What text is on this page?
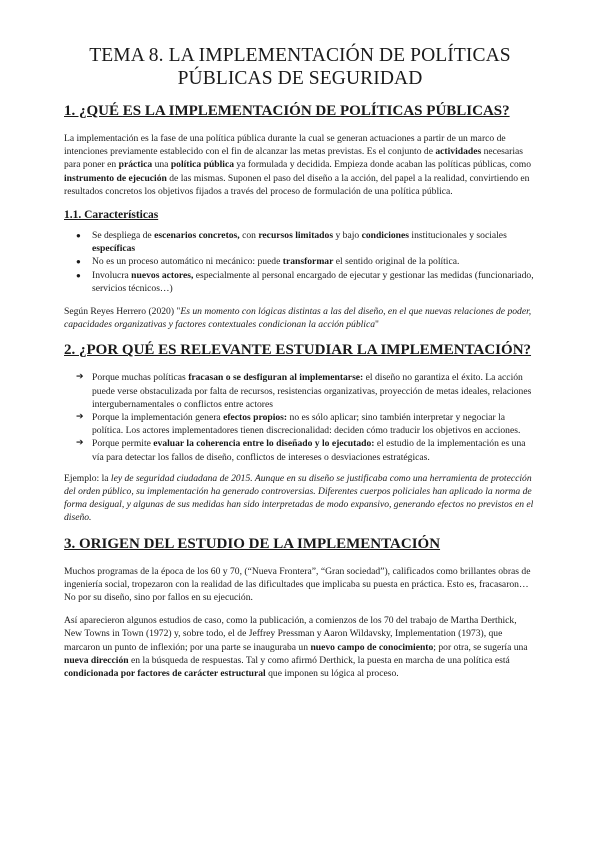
TEMA 8. LA IMPLEMENTACIÓN DE POLÍTICAS
PÚBLICAS DE SEGURIDAD
1. ¿QUÉ ES LA IMPLEMENTACIÓN DE POLÍTICAS PÚBLICAS?

La implementación es la fase de una política pública durante la cual se generan actuaciones a partir de un marco de intenciones previamente establecido con el fin de alcanzar las metas previstas. Es el conjunto de actividades necesarias para poner en práctica una política pública ya formulada y decidida. Empieza donde acaban las políticas públicas, como instrumento de ejecución de las mismas. Suponen el paso del diseño a la acción, del papel a la realidad, convirtiendo en resultados concretos los objetivos fijados a través del proceso de formulación de una política pública.

1.1. Características
● Se despliega de escenarios concretos, con recursos limitados y bajo condiciones institucionales y sociales específicas
● No es un proceso automático ni mecánico: puede transformar el sentido original de la política.
● Involucra nuevos actores, especialmente al personal encargado de ejecutar y gestionar las medidas (funcionariado, servicios técnicos…)

Según Reyes Herrero (2020) "Es un momento con lógicas distintas a las del diseño, en el que nuevas relaciones de poder, capacidades organizativas y factores contextuales condicionan la acción pública"

2. ¿POR QUÉ ES RELEVANTE ESTUDIAR LA IMPLEMENTACIÓN?
➔ Porque muchas políticas fracasan o se desfiguran al implementarse: el diseño no garantiza el éxito. La acción puede verse obstaculizada por falta de recursos, resistencias organizativas, proyección de metas ideales, relaciones intergubernamentales o conflictos entre actores
➔ Porque la implementación genera efectos propios: no es sólo aplicar; sino también interpretar y negociar la política. Los actores implementadores tienen discrecionalidad: deciden cómo traducir los objetivos en acciones.
➔ Porque permite evaluar la coherencia entre lo diseñado y lo ejecutado: el estudio de la implementación es una vía para detectar los fallos de diseño, conflictos de intereses o desviaciones estratégicas.

Ejemplo: la ley de seguridad ciudadana de 2015. Aunque en su diseño se justificaba como una herramienta de protección del orden público, su implementación ha generado controversias. Diferentes cuerpos policiales han aplicado la norma de forma desigual, y algunas de sus medidas han sido interpretadas de modo expansivo, generando efectos no previstos en el diseño.

3. ORIGEN DEL ESTUDIO DE LA IMPLEMENTACIÓN

Muchos programas de la época de los 60 y 70, (“Nueva Frontera”, “Gran sociedad”), calificados como brillantes obras de ingeniería social, tropezaron con la realidad de las dificultades que implicaba su puesta en práctica. Esto es, fracasaron… No por su diseño, sino por fallos en su ejecución.

Así aparecieron algunos estudios de caso, como la publicación, a comienzos de los 70 del trabajo de Martha Derthick, New Towns in Town (1972) y, sobre todo, el de Jeffrey Pressman y Aaron Wildavsky, Implementation (1973), que marcaron un punto de inflexión; por una parte se inauguraba un nuevo campo de conocimiento; por otra, se sugería una nueva dirección en la búsqueda de respuestas. Tal y como afirmó Derthick, la puesta en marcha de una política está condicionada por factores de carácter estructural que imponen su lógica al proceso.
